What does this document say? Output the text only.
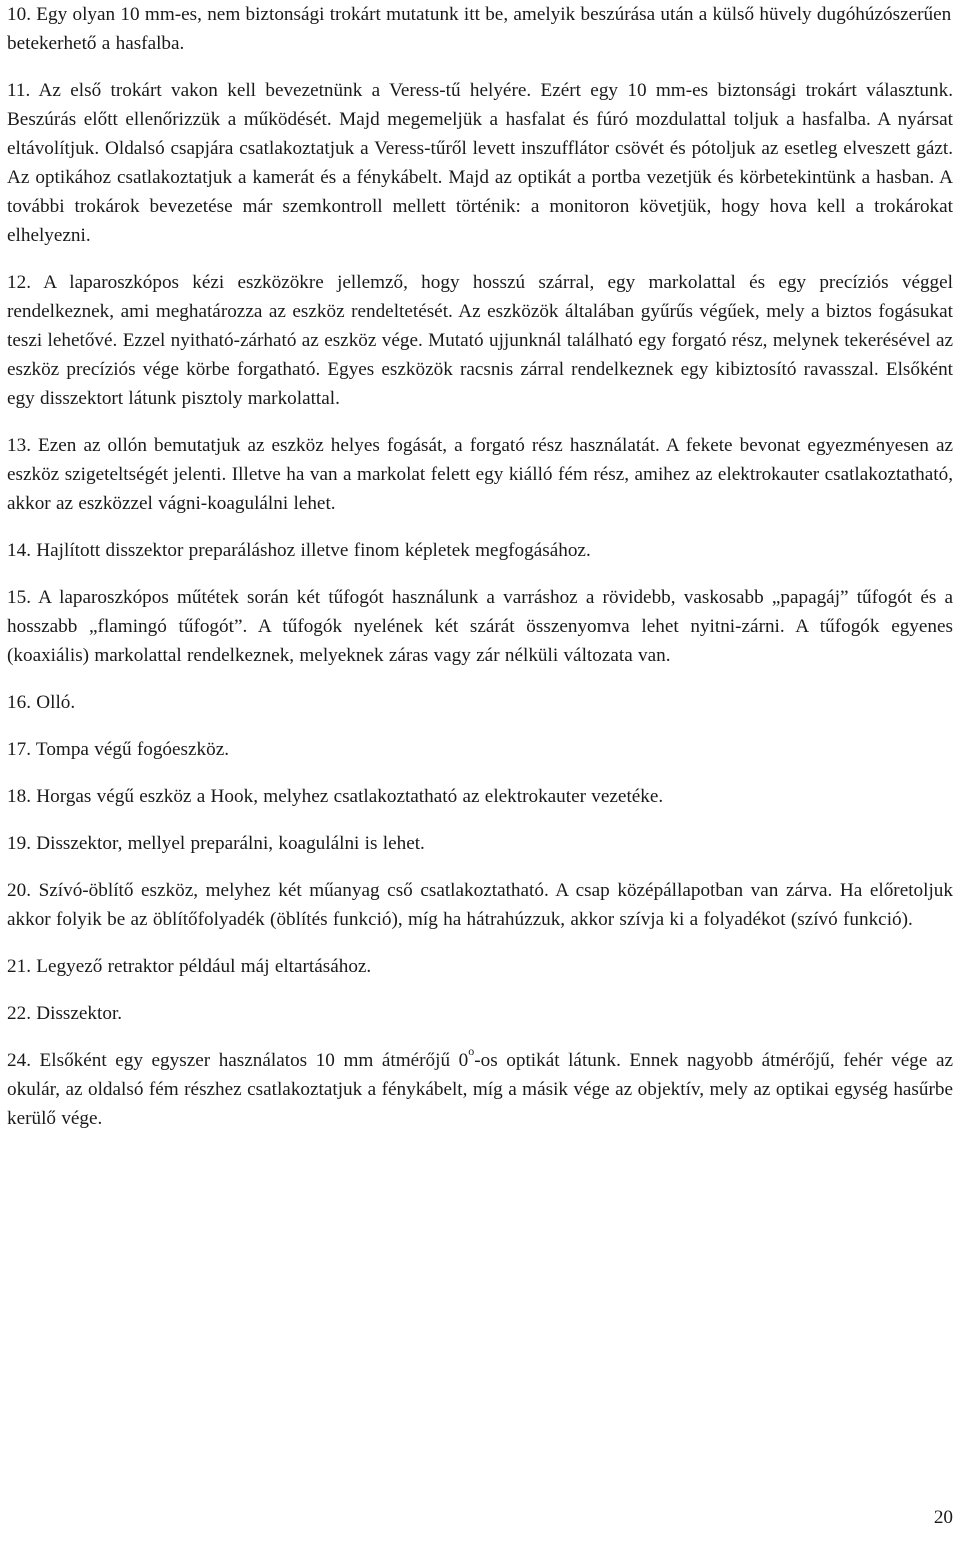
10. Egy olyan 10 mm-es, nem biztonsági trokárt mutatunk itt be, amelyik beszúrása után a külső hüvely dugóhúzószerűen betekerhető a hasfalba.

11. Az első trokárt vakon kell bevezetnünk a Veress-tű helyére. Ezért egy 10 mm-es biztonsági trokárt választunk. Beszúrás előtt ellenőrizzük a működését. Majd megemeljük a hasfalat és fúró mozdulattal toljuk a hasfalba. A nyársat eltávolítjuk. Oldalsó csapjára csatlakoztatjuk a Veress-tűről levett inszufflátor csövét és pótoljuk az esetleg elveszett gázt. Az optikához csatlakoztatjuk a kamerát és a fénykábelt. Majd az optikát a portba vezetjük és körbetekintünk a hasban. A további trokárok bevezetése már szemkontroll mellett történik: a monitoron követjük, hogy hova kell a trokárokat elhelyezni.

12. A laparoszkópos kézi eszközökre jellemző, hogy hosszú szárral, egy markolattal és egy precíziós véggel rendelkeznek, ami meghatározza az eszköz rendeltetését. Az eszközök általában gyűrűs végűek, mely a biztos fogásukat teszi lehetővé. Ezzel nyitható-zárható az eszköz vége. Mutató ujjunknál található egy forgató rész, melynek tekerésével az eszköz precíziós vége körbe forgatható. Egyes eszközök racsnis zárral rendelkeznek egy kibiztosító ravasszal. Elsőként egy disszektort látunk pisztoly markolattal.

13. Ezen az ollón bemutatjuk az eszköz helyes fogását, a forgató rész használatát. A fekete bevonat egyezményesen az eszköz szigeteltségét jelenti. Illetve ha van a markolat felett egy kiálló fém rész, amihez az elektrokauter csatlakoztatható, akkor az eszközzel vágni-koagulálni lehet.

14. Hajlított disszektor preparáláshoz illetve finom képletek megfogásához.

15. A laparoszkópos műtétek során két tűfogót használunk a varráshoz a rövidebb, vaskosabb „papagáj” tűfogót és a hosszabb „flamingó tűfogót”. A tűfogók nyelének két szárát összenyomva lehet nyitni-zárni. A tűfogók egyenes (koaxiális) markolattal rendelkeznek, melyeknek záras vagy zár nélküli változata van.

16. Olló.

17. Tompa végű fogóeszköz.

18. Horgas végű eszköz a Hook, melyhez csatlakoztatható az elektrokauter vezetéke.

19. Disszektor, mellyel preparálni, koagulálni is lehet.

20. Szívó-öblítő eszköz, melyhez két műanyag cső csatlakoztatható. A csap középállapotban van zárva. Ha előretoljuk akkor folyik be az öblítőfolyadék (öblítés funkció), míg ha hátrahúzzuk, akkor szívja ki a folyadékot (szívó funkció).

21. Legyező retraktor például máj eltartásához.

22. Disszektor.

24. Elsőként egy egyszer használatos 10 mm átmérőjű 0$^o$-os optikát látunk. Ennek nagyobb átmérőjű, fehér vége az okulár, az oldalsó fém részhez csatlakoztatjuk a fénykábelt, míg a másik vége az objektív, mely az optikai egység hasűrbe kerülő vége.

20
